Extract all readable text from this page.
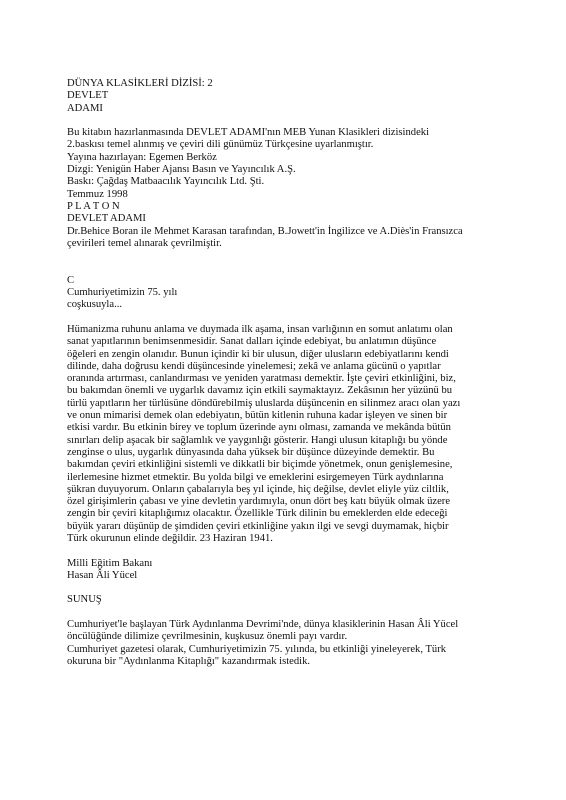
DÜNYA KLASİKLERİ DİZİSİ: 2
DEVLET
ADAMI
Bu kitabın hazırlanmasında DEVLET ADAMI'nın MEB Yunan Klasikleri dizisindeki
2.baskısı temel alınmış ve çeviri dili günümüz Türkçesine uyarlanmıştır.
Yayına hazırlayan: Egemen Berköz
Dizgi: Yenigün Haber Ajansı Basın ve Yayıncılık A.Ş.
Baskı: Çağdaş Matbaacılık Yayıncılık Ltd. Şti.
Temmuz 1998
P L A T O N
DEVLET ADAMI
Dr.Behice Boran ile Mehmet Karasan tarafından, B.Jowett'in İngilizce ve A.Diès'in Fransızca
çevirileri temel alınarak çevrilmiştir.
C
Cumhuriyetimizin 75. yılı
coşkusuyla...
Hümanizma ruhunu anlama ve duymada ilk aşama, insan varlığının en somut anlatımı olan
sanat yapıtlarının benimsenmesidir. Sanat dalları içinde edebiyat, bu anlatımın düşünce
öğeleri en zengin olanıdır. Bunun içindir ki bir ulusun, diğer ulusların edebiyatlarını kendi
dilinde, daha doğrusu kendi düşüncesinde yinelemesi; zekâ ve anlama gücünü o yapıtlar
oranında artırması, canlandırması ve yeniden yaratması demektir. İşte çeviri etkinliğini, biz,
bu bakımdan önemli ve uygarlık davamız için etkili saymaktayız. Zekâsının her yüzünü bu
türlü yapıtların her türlüsüne döndürebilmiş uluslarda düşüncenin en silinmez aracı olan yazı
ve onun mimarisi demek olan edebiyatın, bütün kitlenin ruhuna kadar işleyen ve sinen bir
etkisi vardır. Bu etkinin birey ve toplum üzerinde aynı olması, zamanda ve mekânda bütün
sınırları delip aşacak bir sağlamlık ve yaygınlığı gösterir. Hangi ulusun kitaplığı bu yönde
zenginse o ulus, uygarlık dünyasında daha yüksek bir düşünce düzeyinde demektir. Bu
bakımdan çeviri etkinliğini sistemli ve dikkatli bir biçimde yönetmek, onun genişlemesine,
ilerlemesine hizmet etmektir. Bu yolda bilgi ve emeklerini esirgemeyen Türk aydınlarına
şükran duyuyorum. Onların çabalarıyla beş yıl içinde, hiç değilse, devlet eliyle yüz ciltlik,
özel girişimlerin çabası ve yine devletin yardımıyla, onun dört beş katı büyük olmak üzere
zengin bir çeviri kitaplığımız olacaktır. Özellikle Türk dilinin bu emeklerden elde edeceği
büyük yararı düşünüp de şimdiden çeviri etkinliğine yakın ilgi ve sevgi duymamak, hiçbir
Türk okurunun elinde değildir. 23 Haziran 1941.
Milli Eğitim Bakanı
Hasan Âli Yücel
SUNUŞ
Cumhuriyet'le başlayan Türk Aydınlanma Devrimi'nde, dünya klasiklerinin Hasan Âli Yücel
öncülüğünde dilimize çevrilmesinin, kuşkusuz önemli payı vardır.
Cumhuriyet gazetesi olarak, Cumhuriyetimizin 75. yılında, bu etkinliği yineleyerek, Türk
okuruna bir "Aydınlanma Kitaplığı" kazandırmak istedik.
